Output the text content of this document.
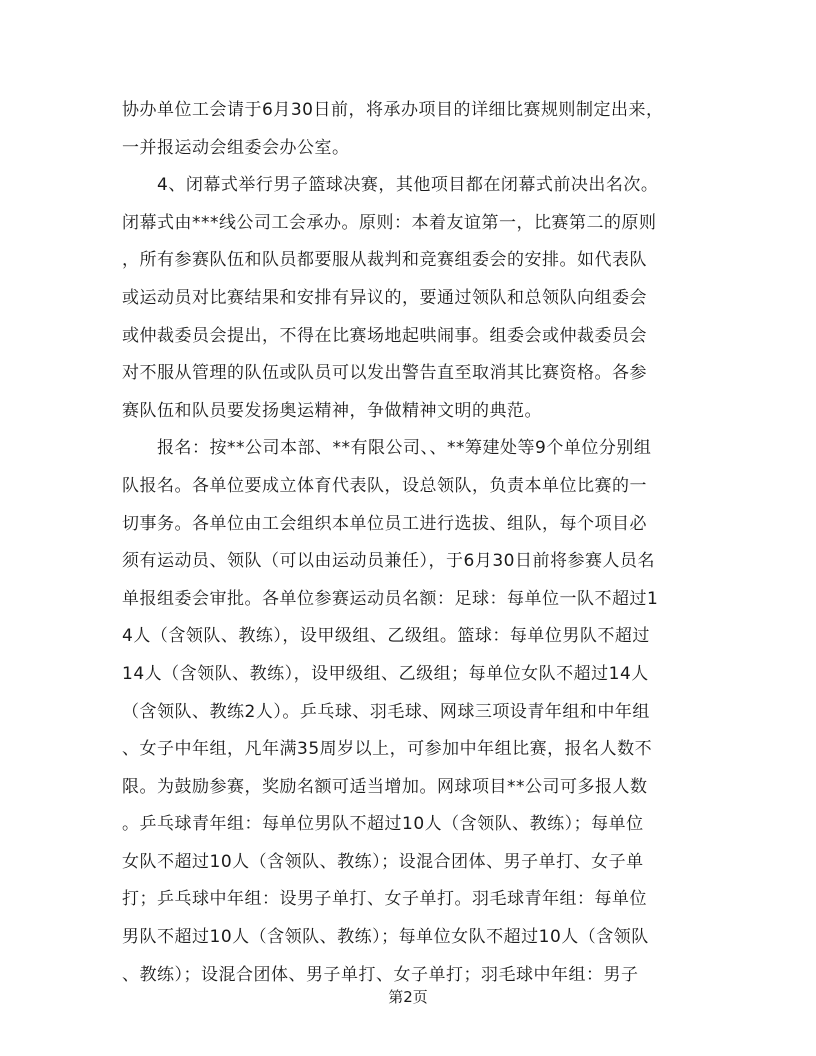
协办单位工会请于6月30日前，将承办项目的详细比赛规则制定出来，
一并报运动会组委会办公室。
　　4、闭幕式举行男子篮球决赛，其他项目都在闭幕式前决出名次。
闭幕式由***线公司工会承办。原则：本着友谊第一，比赛第二的原则
，所有参赛队伍和队员都要服从裁判和竞赛组委会的安排。如代表队
或运动员对比赛结果和安排有异议的，要通过领队和总领队向组委会
或仲裁委员会提出，不得在比赛场地起哄闹事。组委会或仲裁委员会
对不服从管理的队伍或队员可以发出警告直至取消其比赛资格。各参
赛队伍和队员要发扬奥运精神，争做精神文明的典范。
　　报名：按**公司本部、**有限公司、、**筹建处等9个单位分别组
队报名。各单位要成立体育代表队，设总领队，负责本单位比赛的一
切事务。各单位由工会组织本单位员工进行选拔、组队，每个项目必
须有运动员、领队（可以由运动员兼任），于6月30日前将参赛人员名
单报组委会审批。各单位参赛运动员名额：足球：每单位一队不超过1
4人（含领队、教练），设甲级组、乙级组。篮球：每单位男队不超过
14人（含领队、教练），设甲级组、乙级组；每单位女队不超过14人
（含领队、教练2人）。乒乓球、羽毛球、网球三项设青年组和中年组
、女子中年组，凡年满35周岁以上，可参加中年组比赛，报名人数不
限。为鼓励参赛，奖励名额可适当增加。网球项目**公司可多报人数
。乒乓球青年组：每单位男队不超过10人（含领队、教练）；每单位
女队不超过10人（含领队、教练）；设混合团体、男子单打、女子单
打；乒乓球中年组：设男子单打、女子单打。羽毛球青年组：每单位
男队不超过10人（含领队、教练）；每单位女队不超过10人（含领队
、教练）；设混合团体、男子单打、女子单打；羽毛球中年组：男子
第2页
